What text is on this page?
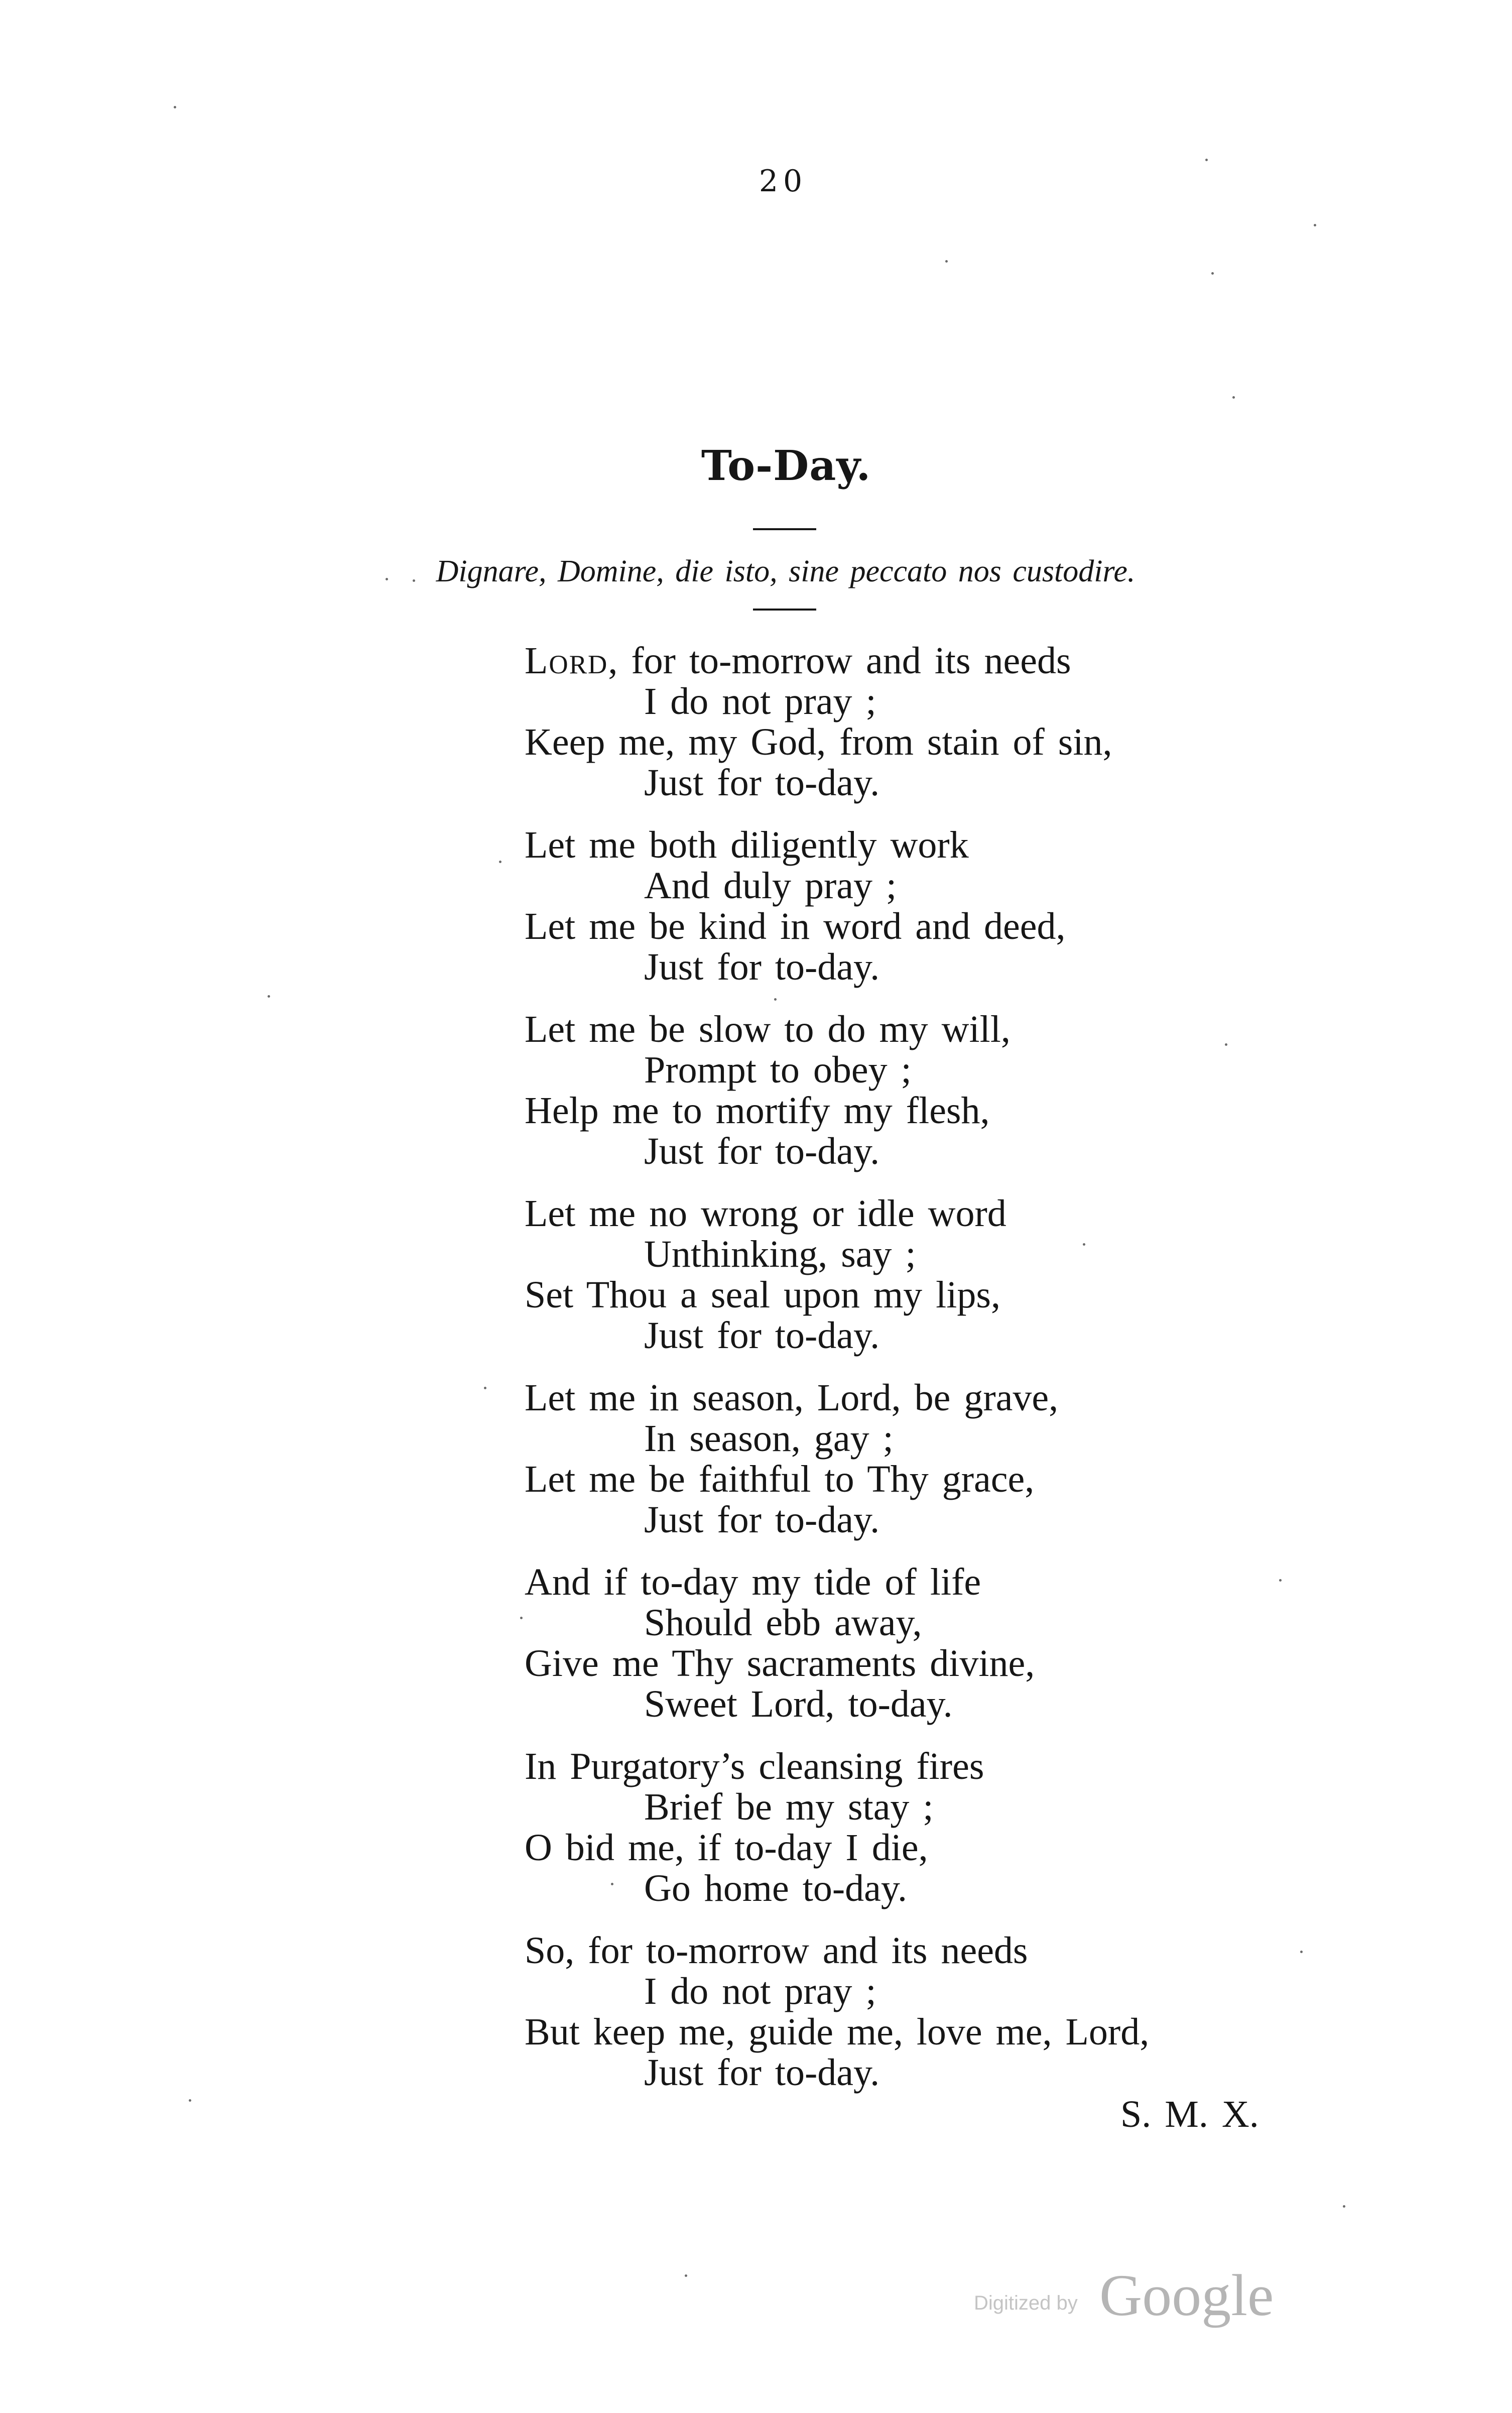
20
To-Day.
Dignare, Domine, die isto, sine peccato nos custodire.
Lord, for to-morrow and its needs
I do not pray ;
Keep me, my God, from stain of sin,
Just for to-day.
Let me both diligently work
And duly pray ;
Let me be kind in word and deed,
Just for to-day.
Let me be slow to do my will,
Prompt to obey ;
Help me to mortify my flesh,
Just for to-day.
Let me no wrong or idle word
Unthinking, say ;
Set Thou a seal upon my lips,
Just for to-day.
Let me in season, Lord, be grave,
In season, gay ;
Let me be faithful to Thy grace,
Just for to-day.
And if to-day my tide of life
Should ebb away,
Give me Thy sacraments divine,
Sweet Lord, to-day.
In Purgatory’s cleansing fires
Brief be my stay ;
O bid me, if to-day I die,
Go home to-day.
So, for to-morrow and its needs
I do not pray ;
But keep me, guide me, love me, Lord,
Just for to-day.
S. M. X.
Digitized by Google
